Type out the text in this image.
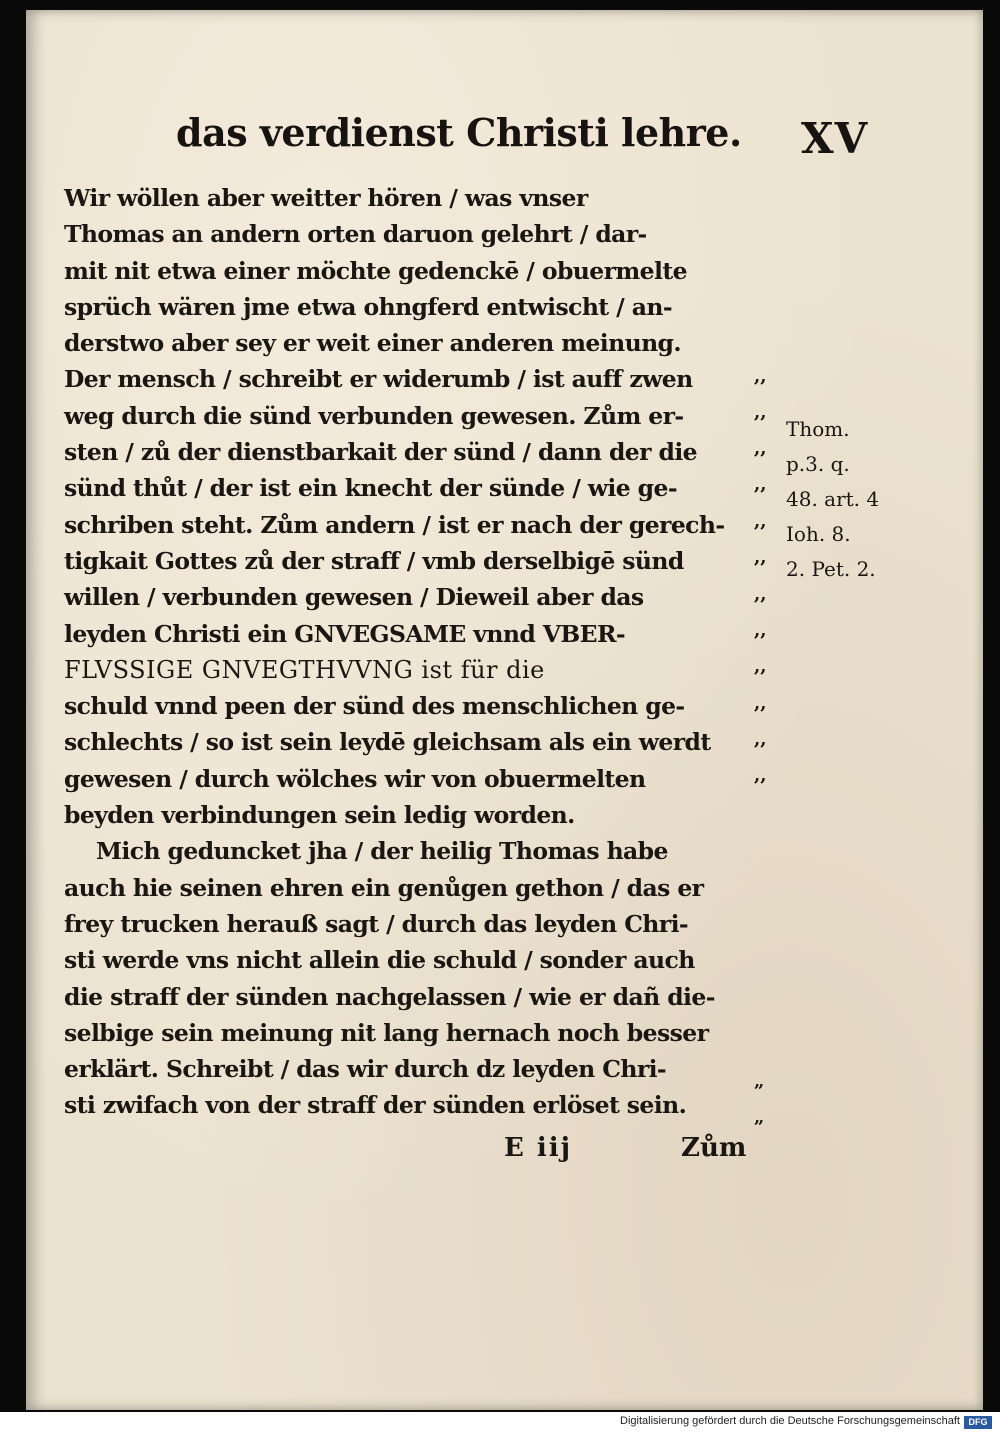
das verdienst Christi lehre. XV
Wir wöllen aber weitter hören / was vnser
Thomas an andern orten daruon gelehrt / dar-
mit nit etwa einer möchte gedenckē / obuermelte
sprüch wären jme etwa ohngferd entwischt / an-
derstwo aber sey er weit einer anderen meinung.
Der mensch / schreibt er widerumb / ist auff zwen
weg durch die sünd verbunden gewesen. Zům er-
sten / zů der dienstbarkait der sünd / dann der die
sünd thůt / der ist ein knecht der sünde / wie ge-
schriben steht. Zům andern / ist er nach der gerech-
tigkait Gottes zů der straff / vmb derselbigē sünd
willen / verbunden gewesen / Dieweil aber das
leyden Christi ein GNVEGSAME vnnd VBER-
FLVSSIGE GNVEGTHVVNG ist für die
schuld vnnd peen der sünd des menschlichen ge-
schlechts / so ist sein leydē gleichsam als ein werdt
gewesen / durch wölches wir von obuermelten
beyden verbindungen sein ledig worden.
Mich geduncket jha / der heilig Thomas habe
auch hie seinen ehren ein genůgen gethon / das er
frey trucken herauß sagt / durch das leyden Chri-
sti werde vns nicht allein die schuld / sonder auch
die straff der sünden nachgelassen / wie er dañ die-
selbige sein meinung nit lang hernach noch besser
erklärt. Schreibt / das wir durch dz leyden Chri-
sti zwifach von der straff der sünden erlöset sein.
,,
,,
,,
,,
,,
,,
,,
,,
,,
,,
,,
,,
„
„
Thom.
p.3. q.
48. art. 4
Ioh. 8.
2. Pet. 2.
E iij	Zům
Digitalisierung gefördert durch die Deutsche Forschungsgemeinschaft DFG
